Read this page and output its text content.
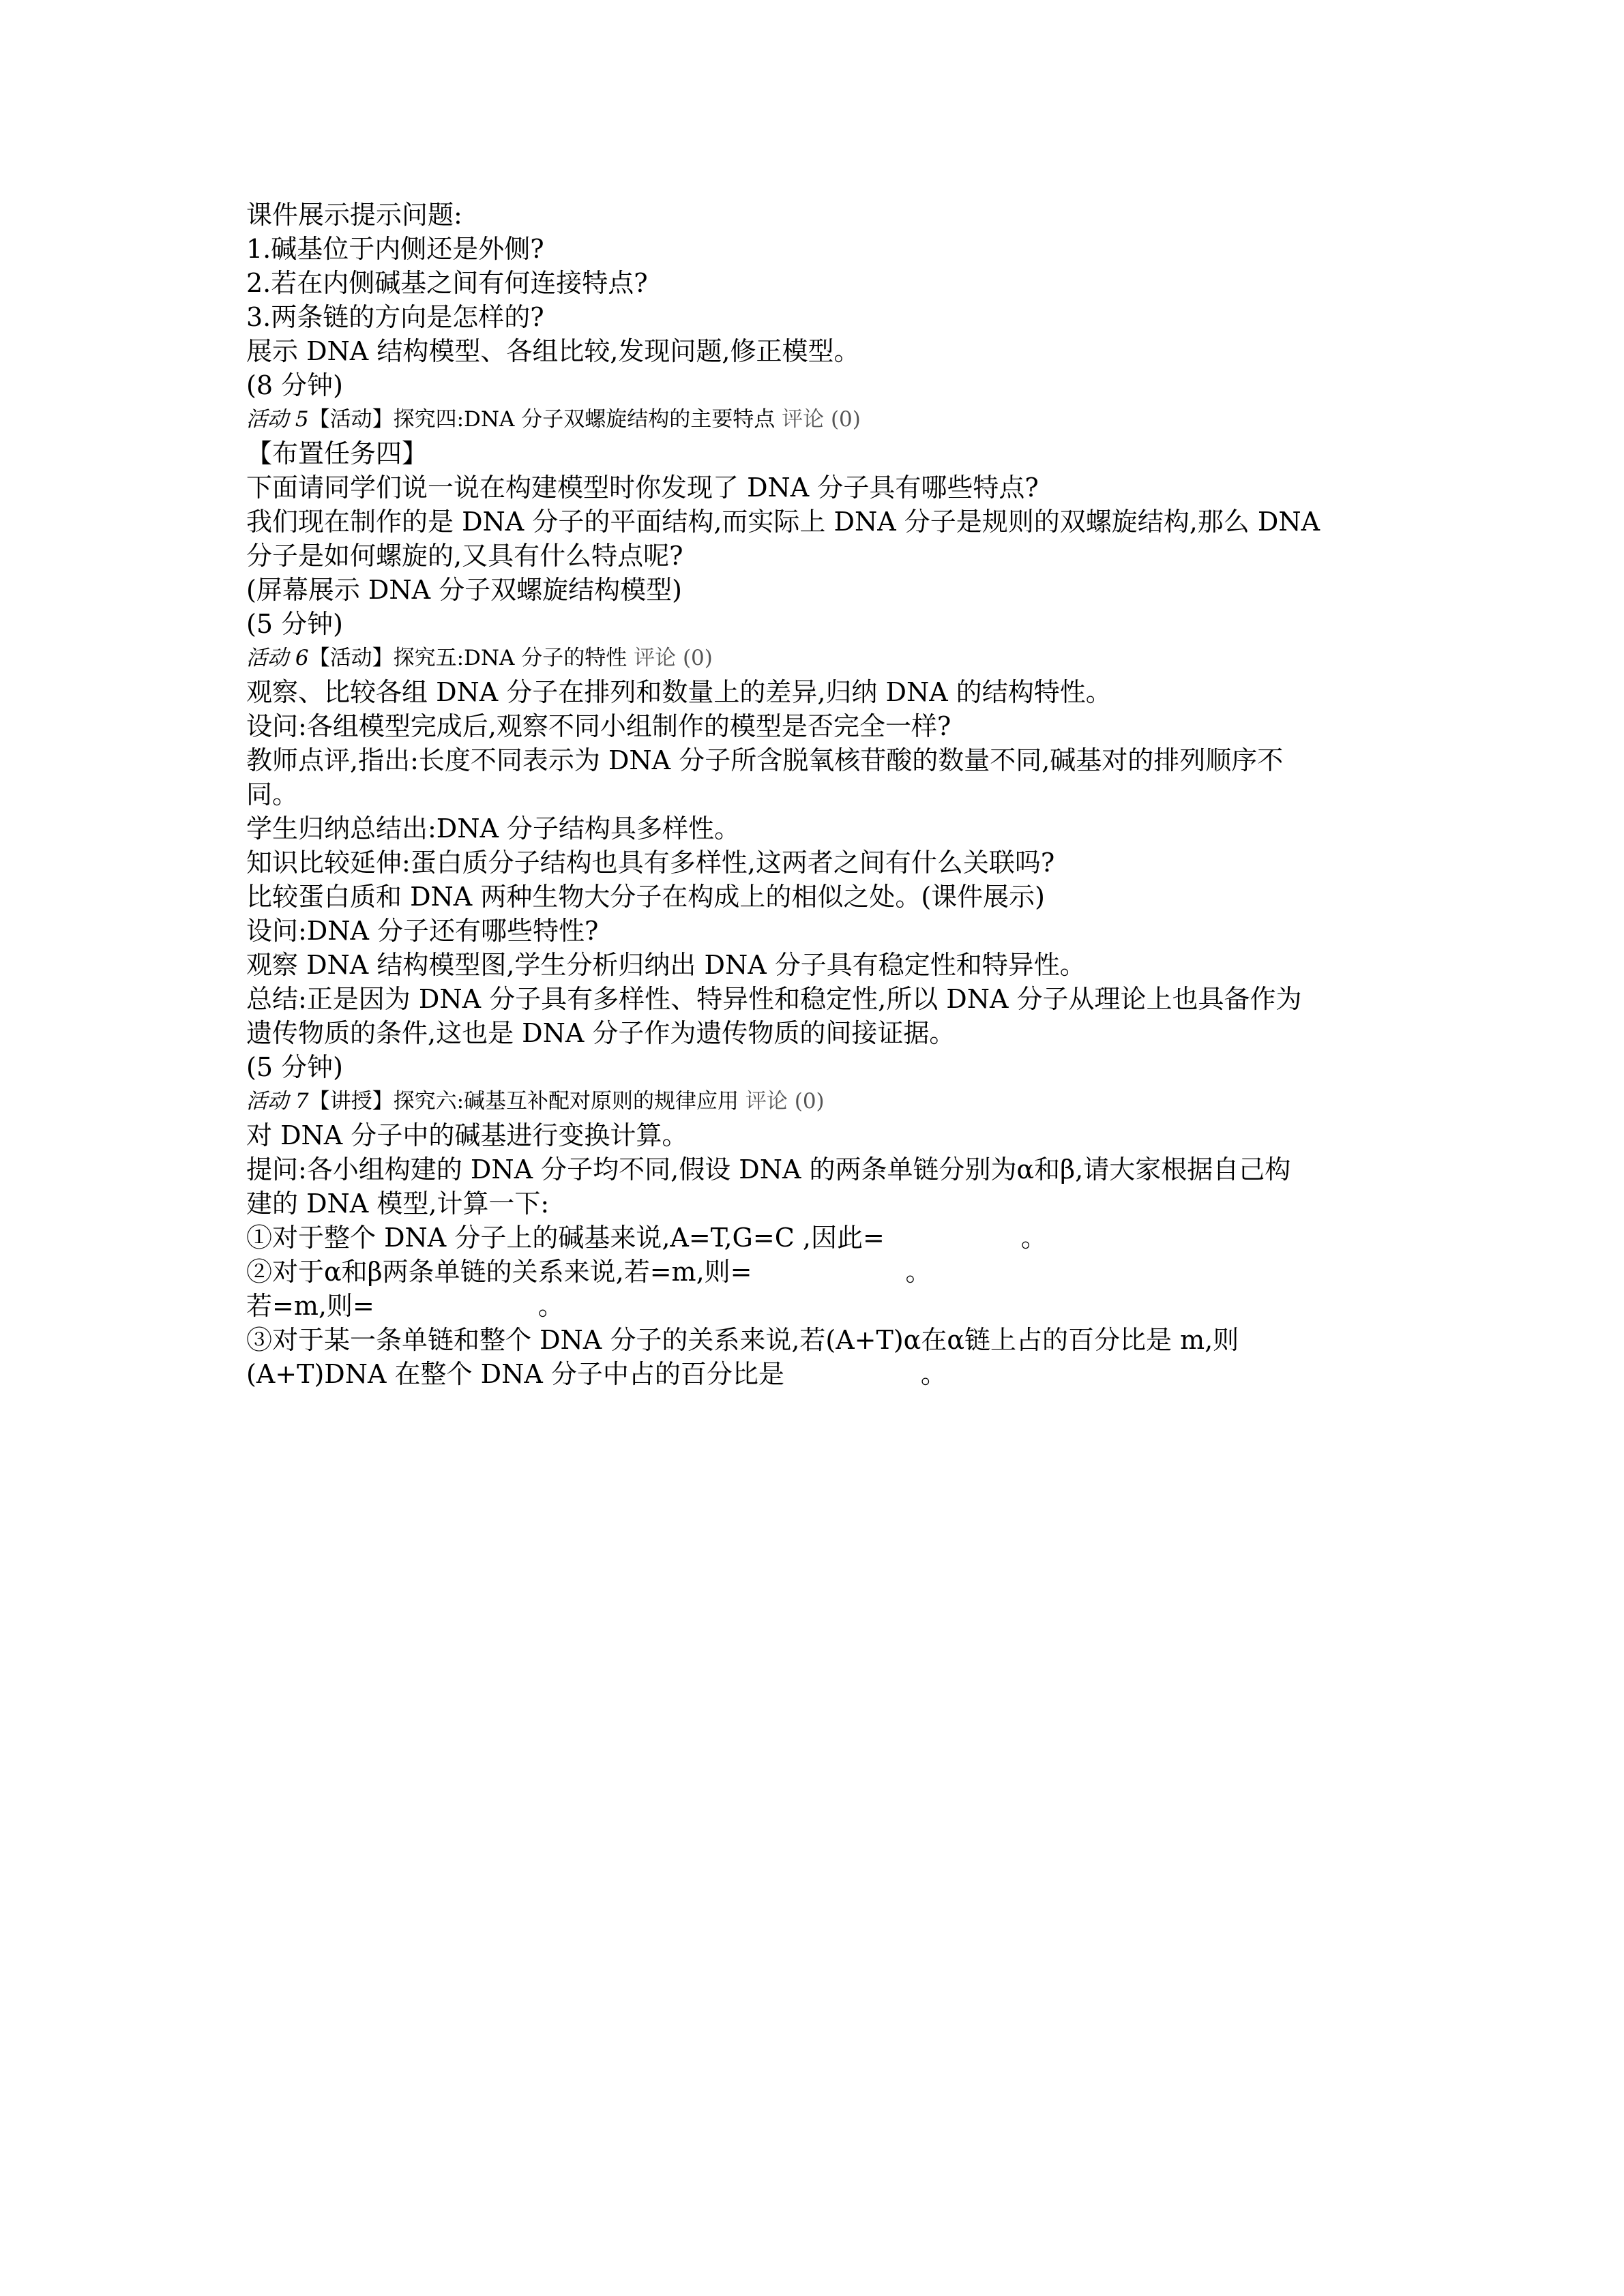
课件展示提示问题:
1.碱基位于内侧还是外侧?
2.若在内侧碱基之间有何连接特点?
3.两条链的方向是怎样的?
展示 DNA 结构模型、各组比较,发现问题,修正模型。
(8 分钟)
活动 5【活动】探究四:DNA 分子双螺旋结构的主要特点 评论 (0)
【布置任务四】
下面请同学们说一说在构建模型时你发现了 DNA 分子具有哪些特点?
我们现在制作的是 DNA 分子的平面结构,而实际上 DNA 分子是规则的双螺旋结构,那么 DNA
分子是如何螺旋的,又具有什么特点呢?
(屏幕展示 DNA 分子双螺旋结构模型)
(5 分钟)
活动 6【活动】探究五:DNA 分子的特性 评论 (0)
观察、比较各组 DNA 分子在排列和数量上的差异,归纳 DNA 的结构特性。
设问:各组模型完成后,观察不同小组制作的模型是否完全一样?
教师点评,指出:长度不同表示为 DNA 分子所含脱氧核苷酸的数量不同,碱基对的排列顺序不
同。
学生归纳总结出:DNA 分子结构具多样性。
知识比较延伸:蛋白质分子结构也具有多样性,这两者之间有什么关联吗?
比较蛋白质和 DNA 两种生物大分子在构成上的相似之处。(课件展示)
设问:DNA 分子还有哪些特性?
观察 DNA 结构模型图,学生分析归纳出 DNA 分子具有稳定性和特异性。
总结:正是因为 DNA 分子具有多样性、特异性和稳定性,所以 DNA 分子从理论上也具备作为
遗传物质的条件,这也是 DNA 分子作为遗传物质的间接证据。
(5 分钟)
活动 7【讲授】探究六:碱基互补配对原则的规律应用 评论 (0)
对 DNA 分子中的碱基进行变换计算。
提问:各小组构建的 DNA 分子均不同,假设 DNA 的两条单链分别为α和β,请大家根据自己构
建的 DNA 模型,计算一下:
①对于整个 DNA 分子上的碱基来说,A=T,G=C ,因此=	。
②对于α和β两条单链的关系来说,若=m,则=	。
若=m,则=	。
③对于某一条单链和整个 DNA 分子的关系来说,若(A+T)α在α链上占的百分比是 m,则
(A+T)DNA 在整个 DNA 分子中占的百分比是	。
